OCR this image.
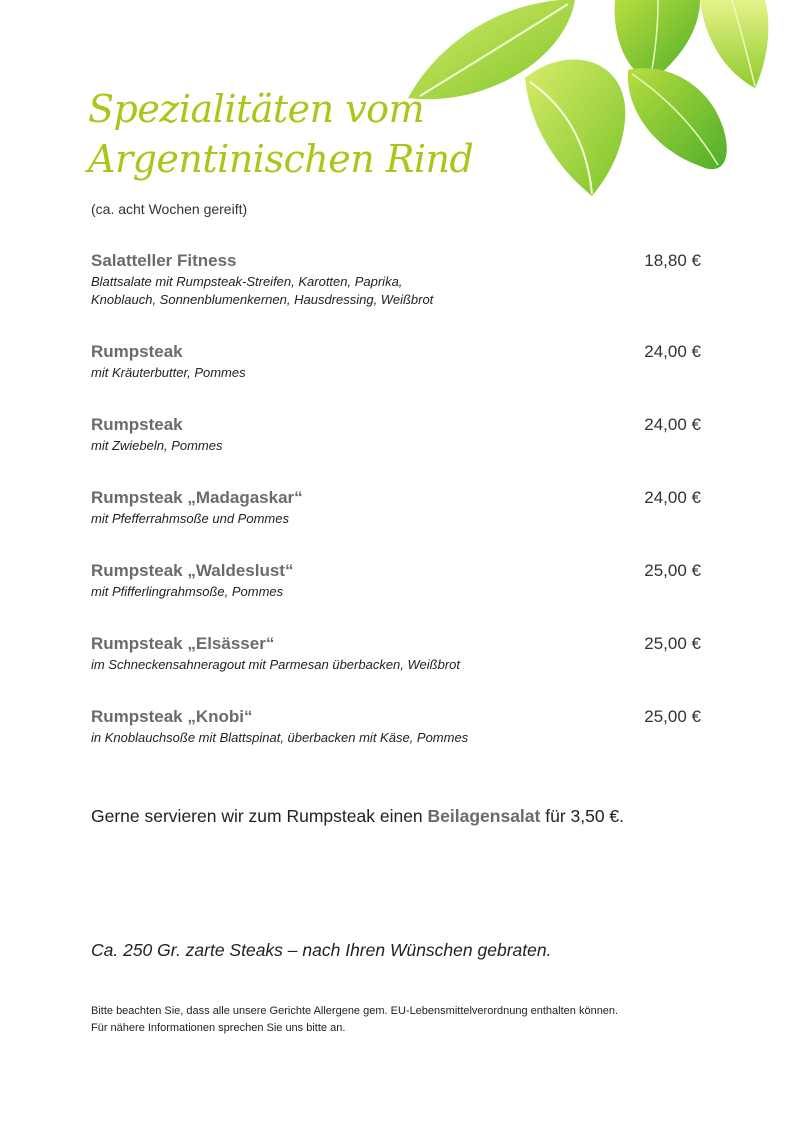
Spezialitäten vom
Argentinischen Rind
(ca. acht Wochen gereift)
Salatteller Fitness
Blattsalate mit Rumpsteak-Streifen, Karotten, Paprika,
Knoblauch, Sonnenblumenkernen, Hausdressing, Weißbrot
18,80 €
Rumpsteak
mit Kräuterbutter, Pommes
24,00 €
Rumpsteak
mit Zwiebeln, Pommes
24,00 €
Rumpsteak „Madagaskar“
mit Pfefferrahmsoße und Pommes
24,00 €
Rumpsteak „Waldeslust“
mit Pfifferlingrahmsoße, Pommes
25,00 €
Rumpsteak „Elsässer“
im Schneckensahneragout mit Parmesan überbacken, Weißbrot
25,00 €
Rumpsteak „Knobi“
in Knoblauchsoße mit Blattspinat, überbacken mit Käse, Pommes
25,00 €
Gerne servieren wir zum Rumpsteak einen Beilagensalat für 3,50 €.
Ca. 250 Gr. zarte Steaks – nach Ihren Wünschen gebraten.
Bitte beachten Sie, dass alle unsere Gerichte Allergene gem. EU-Lebensmittelverordnung enthalten können.
Für nähere Informationen sprechen Sie uns bitte an.
